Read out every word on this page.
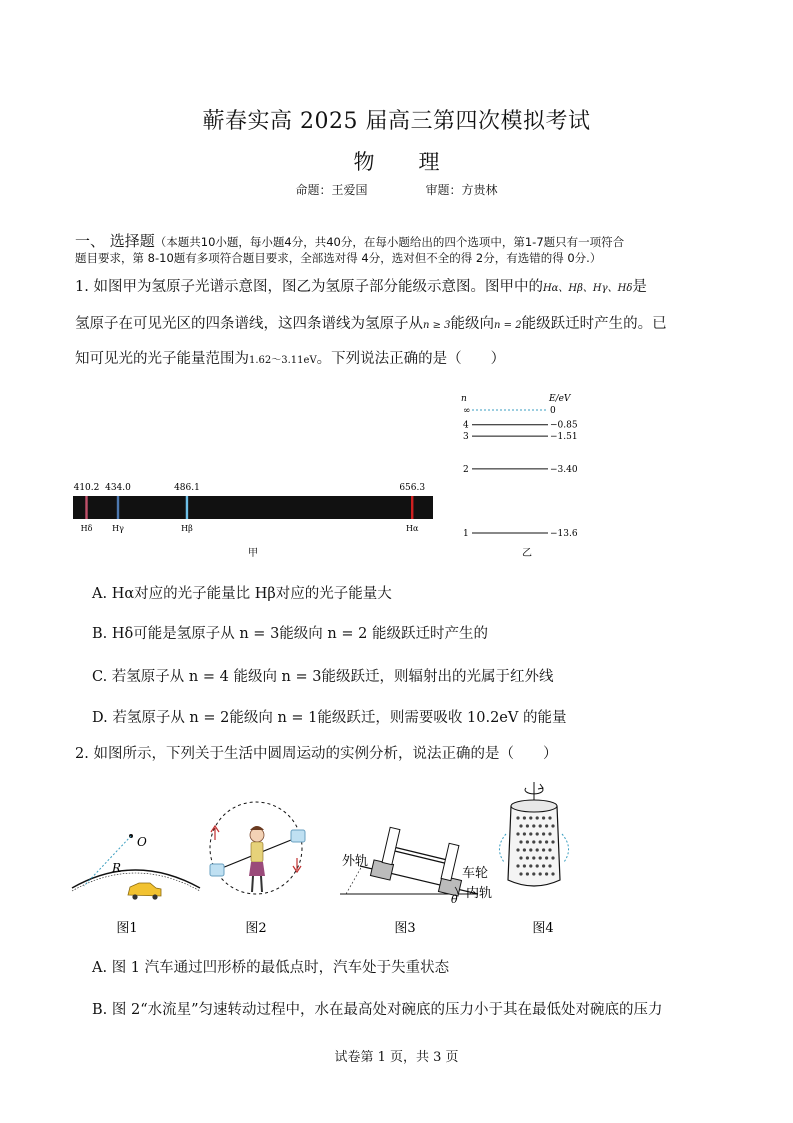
蕲春实高 2025 届高三第四次模拟考试
物 理
命题：王爱国	审题：方贵林
一、 选择题（本题共10小题，每小题4分，共40分，在每小题给出的四个选项中，第1-7题只有一项符合
题目要求，第 8-10题有多项符合题目要求，全部选对得 4分，选对但不全的得 2分，有选错的得 0分.）
1. 如图甲为氢原子光谱示意图，图乙为氢原子部分能级示意图。图甲中的Hα、Hβ、Hγ、Hδ是
氢原子在可见光区的四条谱线，这四条谱线为氢原子从n ≥ 3能级向n = 2能级跃迁时产生的。已
知可见光的光子能量范围为1.62～3.11eV。下列说法正确的是（　　）
410.2
Hδ
434.0
Hγ
486.1
Hβ
656.3
Hα
甲
n	E/eV
∞	0
4	−0.85
3	−1.51
2	−3.40
1	−13.6
乙
A. Hα对应的光子能量比 Hβ对应的光子能量大
B. Hδ可能是氢原子从 n = 3能级向 n = 2 能级跃迁时产生的
C. 若氢原子从 n = 4 能级向 n = 3能级跃迁，则辐射出的光属于红外线
D. 若氢原子从 n = 2能级向 n = 1能级跃迁，则需要吸收 10.2eV 的能量
2. 如图所示，下列关于生活中圆周运动的实例分析，说法正确的是（　　）
O
R
图1	图2
θ
外轨
车轮
内轨
图3	图4
A. 图 1 汽车通过凹形桥的最低点时，汽车处于失重状态
B. 图 2“水流星”匀速转动过程中，水在最高处对碗底的压力小于其在最低处对碗底的压力
试卷第 1 页，共 3 页
